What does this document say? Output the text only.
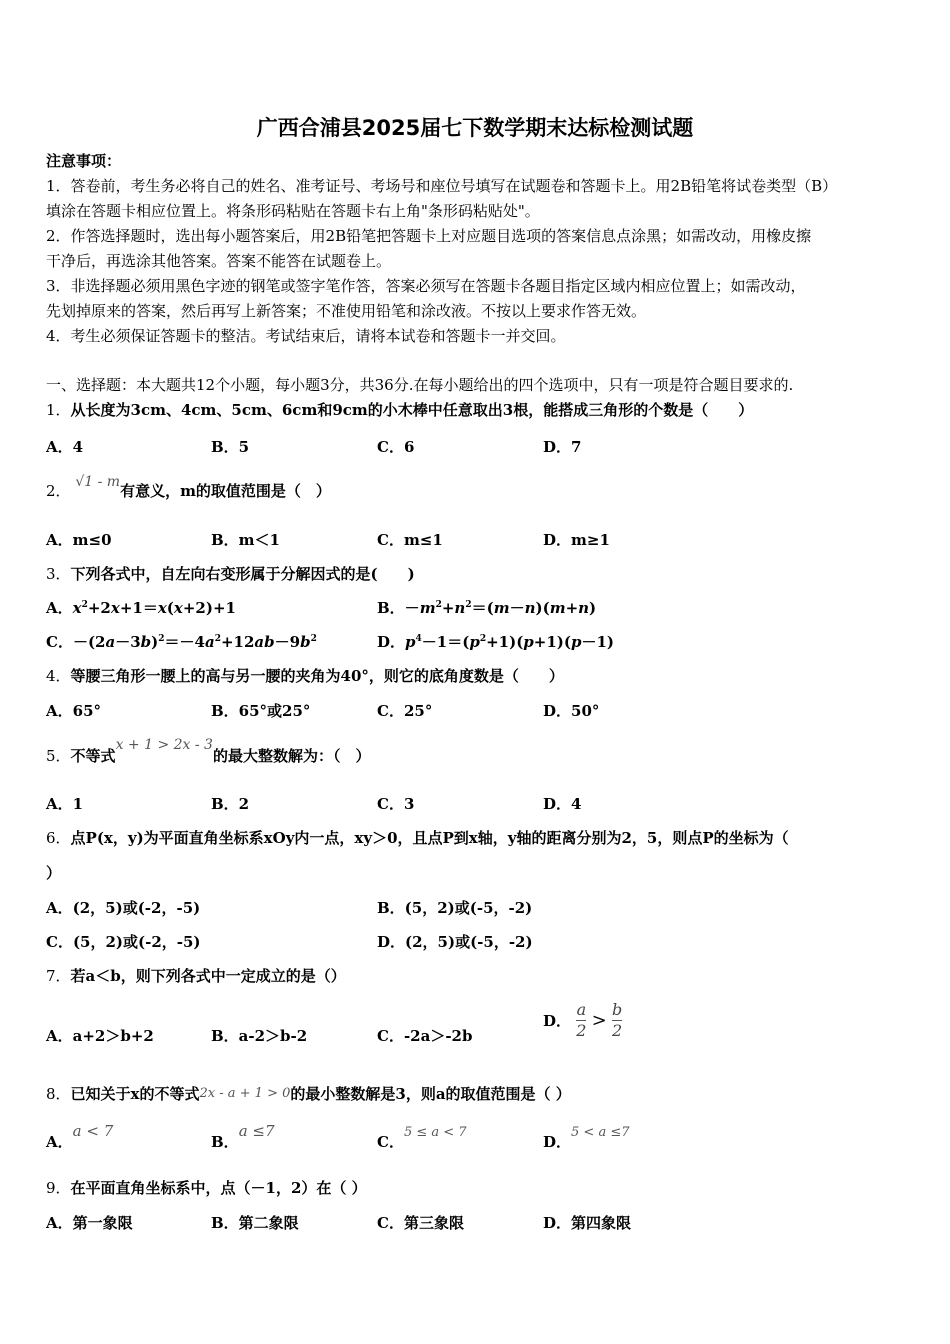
广西合浦县2025届七下数学期末达标检测试题
注意事项：
1．答卷前，考生务必将自己的姓名、准考证号、考场号和座位号填写在试题卷和答题卡上。用2B铅笔将试卷类型（B）
填涂在答题卡相应位置上。将条形码粘贴在答题卡右上角"条形码粘贴处"。
2．作答选择题时，选出每小题答案后，用2B铅笔把答题卡上对应题目选项的答案信息点涂黑；如需改动，用橡皮擦
干净后，再选涂其他答案。答案不能答在试题卷上。
3．非选择题必须用黑色字迹的钢笔或签字笔作答，答案必须写在答题卡各题目指定区域内相应位置上；如需改动，
先划掉原来的答案，然后再写上新答案；不准使用铅笔和涂改液。不按以上要求作答无效。
4．考生必须保证答题卡的整洁。考试结束后，请将本试卷和答题卡一并交回。
一、选择题：本大题共12个小题，每小题3分，共36分.在每小题给出的四个选项中，只有一项是符合题目要求的.
1．从长度为3cm、4cm、5cm、6cm和9cm的小木棒中任意取出3根，能搭成三角形的个数是（　　）
A．4	B．5	C．6	D．7
2． √1 - m有意义，m的取值范围是（　）
A．m≤0	B．m＜1	C．m≤1	D．m≥1
3．下列各式中，自左向右变形属于分解因式的是(　　)
A．$x^2+2x+1=x(x+2)+1$	B．$-m^2+n^2=(m-n)(m+n)$
C．$-(2a-3b)^2=-4a^2+12ab-9b^2$	D．$p^4-1=(p^2+1)(p+1)(p-1)$
4．等腰三角形一腰上的高与另一腰的夹角为40°，则它的底角度数是（　　）
A．65°	B．65°或25°	C．25°	D．50°
5．不等式x + 1 > 2x - 3的最大整数解为：（　）
A．1	B．2	C．3	D．4
6．点P(x，y)为平面直角坐标系xOy内一点，xy＞0，且点P到x轴，y轴的距离分别为2，5，则点P的坐标为（
）
A．(2，5)或(-2，-5)	B．(5，2)或(-5，-2)
C．(5，2)或(-2，-5)	D．(2，5)或(-5，-2)
7．若a＜b，则下列各式中一定成立的是（）
A．a+2＞b+2	B．a-2＞b-2	C．-2a＞-2b
D． $\frac{a}{2} > \frac{b}{2}$
8．已知关于x的不等式2x - a + 1 > 0的最小整数解是3，则a的取值范围是（ ）
A．a < 7
B．a ≤7
C．5 ≤ a < 7
D．5 < a ≤7
9．在平面直角坐标系中，点（－1，2）在（ ）
A．第一象限	B．第二象限	C．第三象限	D．第四象限
